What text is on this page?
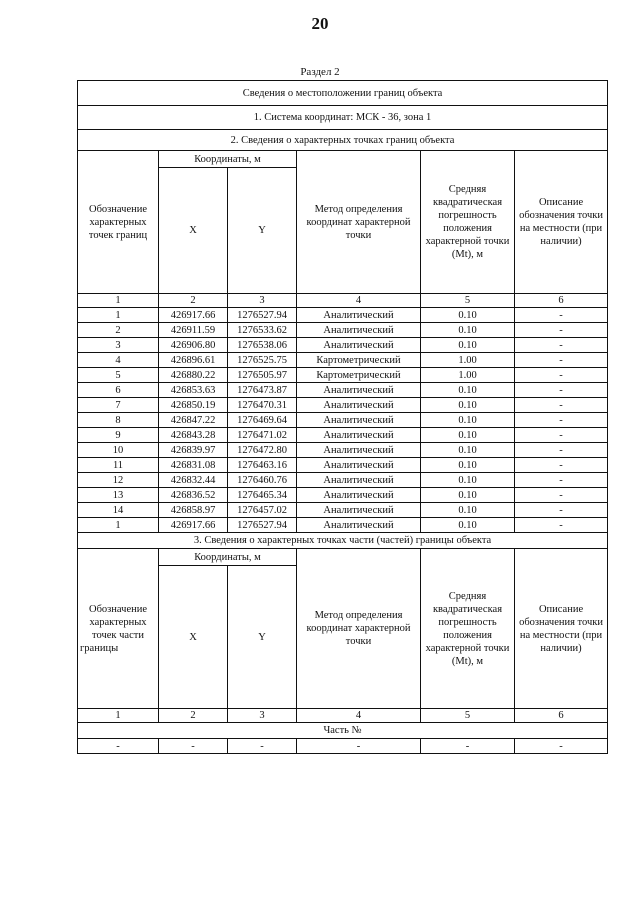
20
Раздел 2
Сведения о местоположении границ объекта					
1. Система координат: МСК - 36, зона 1					
2. Сведения о характерных точках границ объекта					
Обозначение характерных точек границ	Координаты, м		Метод определения координат характерной точки	Средняя квадратическая погрешность положения характерной точки (Mt), м	Описание обозначения точки на местности (при наличии)
	X	Y			
1	2	3	4	5	6
1	426917.66	1276527.94	Аналитический	0.10	-
2	426911.59	1276533.62	Аналитический	0.10	-
3	426906.80	1276538.06	Аналитический	0.10	-
4	426896.61	1276525.75	Картометрический	1.00	-
5	426880.22	1276505.97	Картометрический	1.00	-
6	426853.63	1276473.87	Аналитический	0.10	-
7	426850.19	1276470.31	Аналитический	0.10	-
8	426847.22	1276469.64	Аналитический	0.10	-
9	426843.28	1276471.02	Аналитический	0.10	-
10	426839.97	1276472.80	Аналитический	0.10	-
11	426831.08	1276463.16	Аналитический	0.10	-
12	426832.44	1276460.76	Аналитический	0.10	-
13	426836.52	1276465.34	Аналитический	0.10	-
14	426858.97	1276457.02	Аналитический	0.10	-
1	426917.66	1276527.94	Аналитический	0.10	-
3. Сведения о характерных точках части (частей) границы объекта					
Обозначение характерных точек части границы	Координаты, м		Метод определения координат характерной точки	Средняя квадратическая погрешность положения характерной точки (Mt), м	Описание обозначения точки на местности (при наличии)
	X	Y			
1	2	3	4	5	6
Часть №					
-	-	-	-	-	-
